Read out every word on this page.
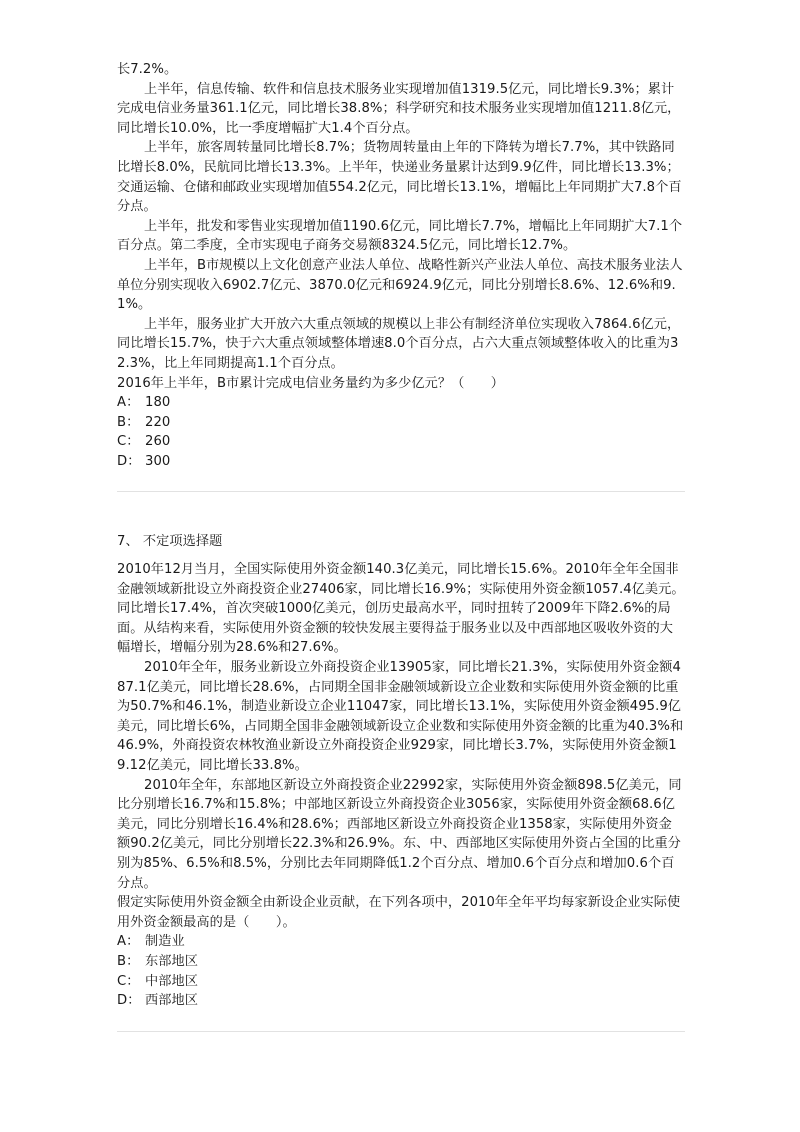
长7.2%。

上半年，信息传输、软件和信息技术服务业实现增加值1319.5亿元，同比增长9.3%；累计完成电信业务量361.1亿元，同比增长38.8%；科学研究和技术服务业实现增加值1211.8亿元，同比增长10.0%，比一季度增幅扩大1.4个百分点。

上半年，旅客周转量同比增长8.7%；货物周转量由上年的下降转为增长7.7%，其中铁路同比增长8.0%，民航同比增长13.3%。上半年，快递业务量累计达到9.9亿件，同比增长13.3%；交通运输、仓储和邮政业实现增加值554.2亿元，同比增长13.1%，增幅比上年同期扩大7.8个百分点。

上半年，批发和零售业实现增加值1190.6亿元，同比增长7.7%，增幅比上年同期扩大7.1个百分点。第二季度，全市实现电子商务交易额8324.5亿元，同比增长12.7%。

上半年，B市规模以上文化创意产业法人单位、战略性新兴产业法人单位、高技术服务业法人单位分别实现收入6902.7亿元、3870.0亿元和6924.9亿元，同比分别增长8.6%、12.6%和9.1%。

上半年，服务业扩大开放六大重点领域的规模以上非公有制经济单位实现收入7864.6亿元，同比增长15.7%，快于六大重点领域整体增速8.0个百分点，占六大重点领域整体收入的比重为32.3%，比上年同期提高1.1个百分点。

2016年上半年，B市累计完成电信业务量约为多少亿元？（　　）

A： 180
B： 220
C： 260
D： 300
7、 不定项选择题

2010年12月当月，全国实际使用外资金额140.3亿美元，同比增长15.6%。2010年全年全国非金融领域新批设立外商投资企业27406家，同比增长16.9%；实际使用外资金额1057.4亿美元。同比增长17.4%，首次突破1000亿美元，创历史最高水平，同时扭转了2009年下降2.6%的局面。从结构来看，实际使用外资金额的较快发展主要得益于服务业以及中西部地区吸收外资的大幅增长，增幅分别为28.6%和27.6%。

2010年全年，服务业新设立外商投资企业13905家，同比增长21.3%，实际使用外资金额487.1亿美元，同比增长28.6%，占同期全国非金融领域新设立企业数和实际使用外资金额的比重为50.7%和46.1%，制造业新设立企业11047家，同比增长13.1%，实际使用外资金额495.9亿美元，同比增长6%，占同期全国非金融领域新设立企业数和实际使用外资金额的比重为40.3%和46.9%，外商投资农林牧渔业新设立外商投资企业929家，同比增长3.7%，实际使用外资金额19.12亿美元，同比增长33.8%。

2010年全年，东部地区新设立外商投资企业22992家，实际使用外资金额898.5亿美元，同比分别增长16.7%和15.8%；中部地区新设立外商投资企业3056家，实际使用外资金额68.6亿美元，同比分别增长16.4%和28.6%；西部地区新设立外商投资企业1358家，实际使用外资金额90.2亿美元，同比分别增长22.3%和26.9%。东、中、西部地区实际使用外资占全国的比重分别为85%、6.5%和8.5%，分别比去年同期降低1.2个百分点、增加0.6个百分点和增加0.6个百分点。

假定实际使用外资金额全由新设企业贡献，在下列各项中，2010年全年平均每家新设企业实际使用外资金额最高的是（　　）。

A： 制造业
B： 东部地区
C： 中部地区
D： 西部地区
